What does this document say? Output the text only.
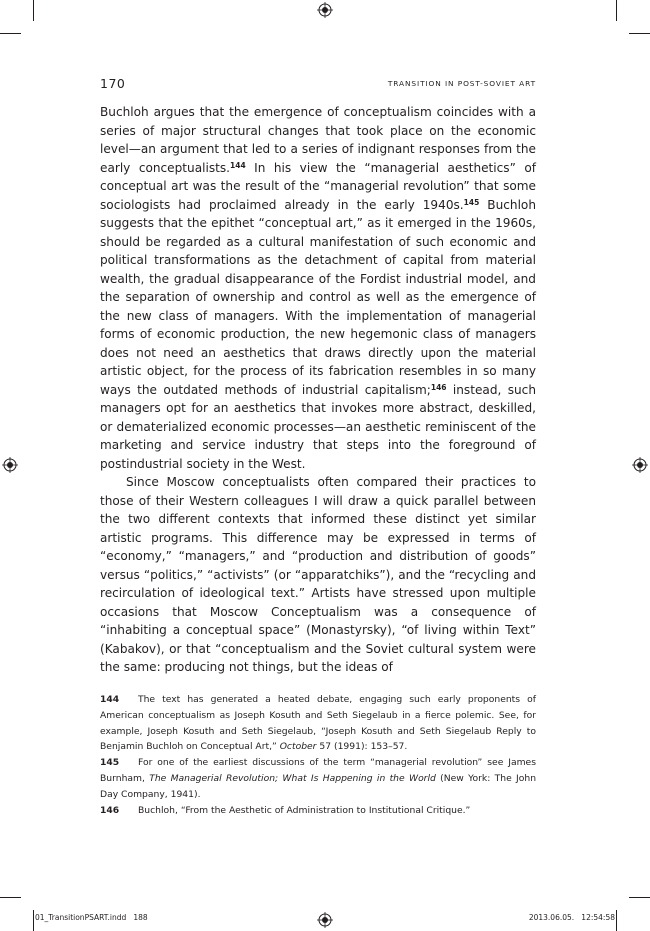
170	TRANSITION IN POST-SOVIET ART

Buchloh argues that the emergence of conceptualism coincides with a series of major structural changes that took place on the economic level—an argument that led to a series of indignant responses from the early conceptualists.$^{144}$ In his view the “managerial aesthetics” of conceptual art was the result of the “managerial revolution” that some sociologists had proclaimed already in the early 1940s.$^{145}$ Buchloh suggests that the epithet “conceptual art,” as it emerged in the 1960s, should be regarded as a cultural manifestation of such economic and political transformations as the detachment of capital from material wealth, the gradual disappearance of the Fordist industrial model, and the separation of ownership and control as well as the emergence of the new class of managers. With the implementation of managerial forms of economic production, the new hegemonic class of managers does not need an aesthetics that draws directly upon the material artistic object, for the process of its fabrication resembles in so many ways the outdated methods of industrial capitalism;$^{146}$ instead, such managers opt for an aesthetics that invokes more abstract, deskilled, or dematerialized economic processes—an aesthetic reminiscent of the marketing and service industry that steps into the foreground of postindustrial society in the West.

Since Moscow conceptualists often compared their practices to those of their Western colleagues I will draw a quick parallel between the two different contexts that informed these distinct yet similar artistic programs. This difference may be expressed in terms of “economy,” “managers,” and “production and distribution of goods” versus “politics,” “activists” (or “apparatchiks”), and the “recycling and recirculation of ideological text.” Artists have stressed upon multiple occasions that Moscow Conceptualism was a consequence of “inhabiting a conceptual space” (Monastyrsky), “of living within Text” (Kabakov), or that “conceptualism and the Soviet cultural system were the same: producing not things, but the ideas of

144 The text has generated a heated debate, engaging such early proponents of American conceptualism as Joseph Kosuth and Seth Siegelaub in a fierce polemic. See, for example, Joseph Kosuth and Seth Siegelaub, “Joseph Kosuth and Seth Siegelaub Reply to Benjamin Buchloh on Conceptual Art,” October 57 (1991): 153–57.

145 For one of the earliest discussions of the term “managerial revolution” see James Burnham, The Managerial Revolution; What Is Happening in the World (New York: The John Day Company, 1941).

146 Buchloh, “From the Aesthetic of Administration to Institutional Critique.”

01_TransitionPSART.indd   188	2013.06.05.   12:54:58
